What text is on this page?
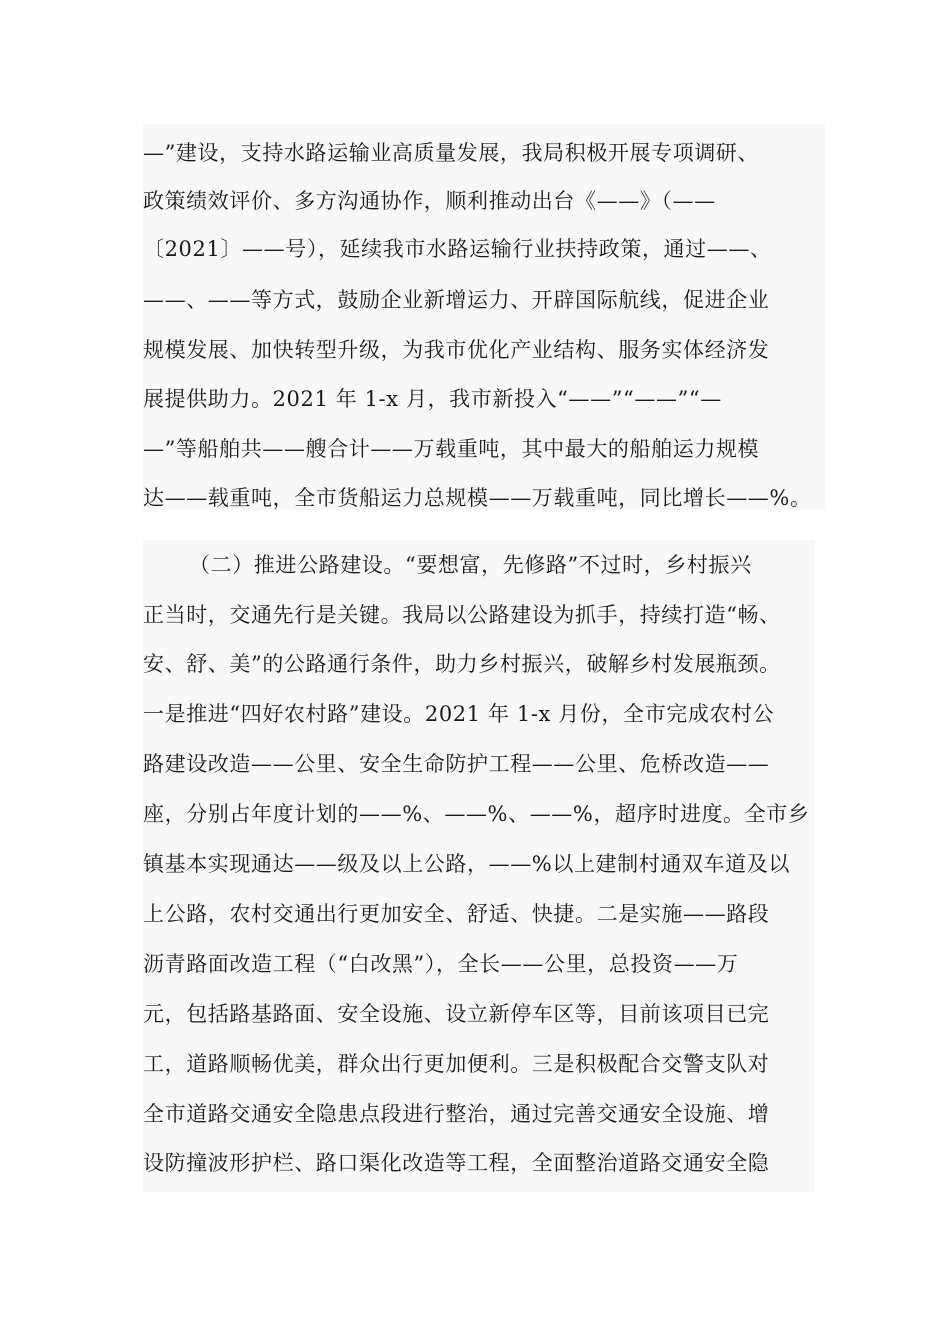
—”建设，支持水路运输业高质量发展，我局积极开展专项调研、
政策绩效评价、多方沟通协作，顺利推动出台《——》（——
〔2021〕——号），延续我市水路运输行业扶持政策，通过——、
——、——等方式，鼓励企业新增运力、开辟国际航线，促进企业
规模发展、加快转型升级，为我市优化产业结构、服务实体经济发
展提供助力。2021 年 1-x 月，我市新投入“——”“——”“—
—”等船舶共——艘合计——万载重吨，其中最大的船舶运力规模
达——载重吨，全市货船运力总规模——万载重吨，同比增长——%。
（二）推进公路建设。“要想富，先修路”不过时，乡村振兴
正当时，交通先行是关键。我局以公路建设为抓手，持续打造“畅、
安、舒、美”的公路通行条件，助力乡村振兴，破解乡村发展瓶颈。
一是推进“四好农村路”建设。2021 年 1-x 月份，全市完成农村公
路建设改造——公里、安全生命防护工程——公里、危桥改造——
座，分别占年度计划的——%、——%、——%，超序时进度。全市乡
镇基本实现通达——级及以上公路，——%以上建制村通双车道及以
上公路，农村交通出行更加安全、舒适、快捷。二是实施——路段
沥青路面改造工程（“白改黑”），全长——公里，总投资——万
元，包括路基路面、安全设施、设立新停车区等，目前该项目已完
工，道路顺畅优美，群众出行更加便利。三是积极配合交警支队对
全市道路交通安全隐患点段进行整治，通过完善交通安全设施、增
设防撞波形护栏、路口渠化改造等工程，全面整治道路交通安全隐
